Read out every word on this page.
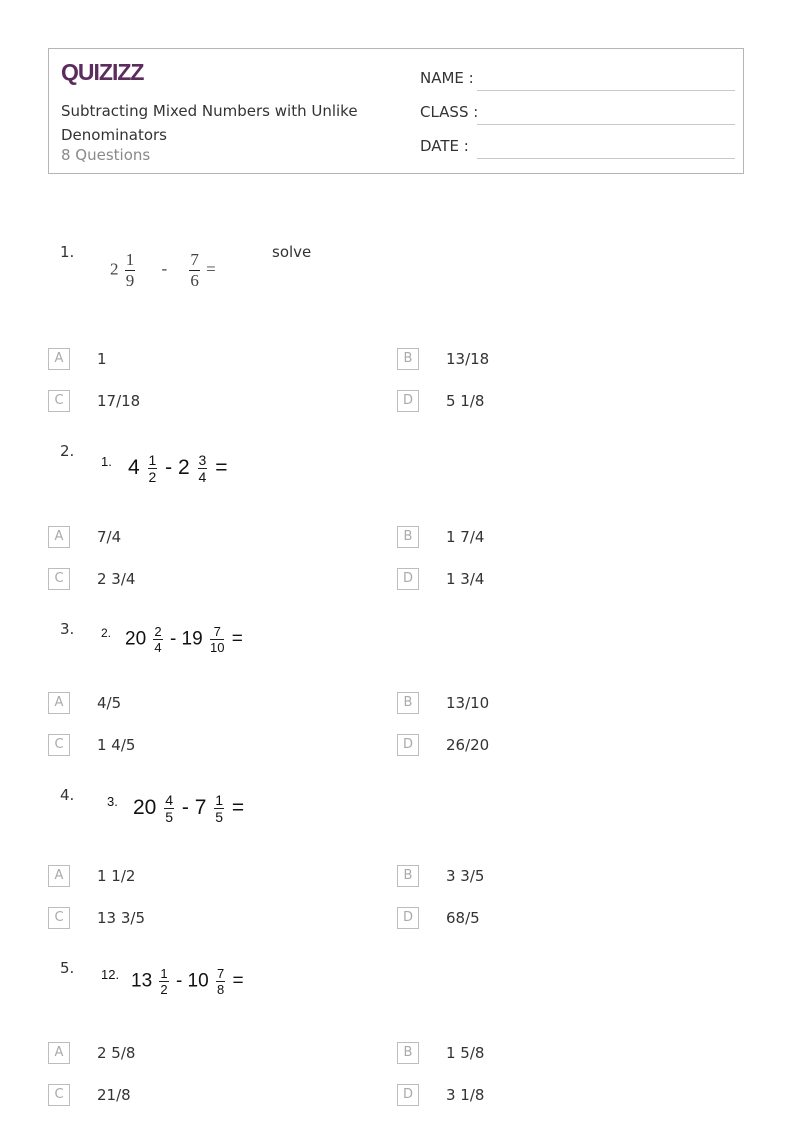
QUIZIZZ
Subtracting Mixed Numbers with Unlike Denominators
8 Questions
NAME :
CLASS :
DATE :
1.
$2 \frac{1}{9} - \frac{7}{6}$ =
solve
A	1	B	13/18
C	17/18	D	5 1/8
2.
1. $4 \frac{1}{2} - 2 \frac{3}{4}$ =
A	7/4	B	1 7/4
C	2 3/4	D	1 3/4
3. 2. $20 \frac{2}{4} - 19 \frac{7}{10}$ =
A	4/5	B	13/10
C	1 4/5	D	26/20
4.	3. $20 \frac{4}{5} - 7 \frac{1}{5}$ =
A	1 1/2	B	3 3/5
C	13 3/5	D	68/5
5. 12. $13 \frac{1}{2} - 10 \frac{7}{8}$ =
A	2 5/8	B	1 5/8
C	21/8	D	3 1/8
